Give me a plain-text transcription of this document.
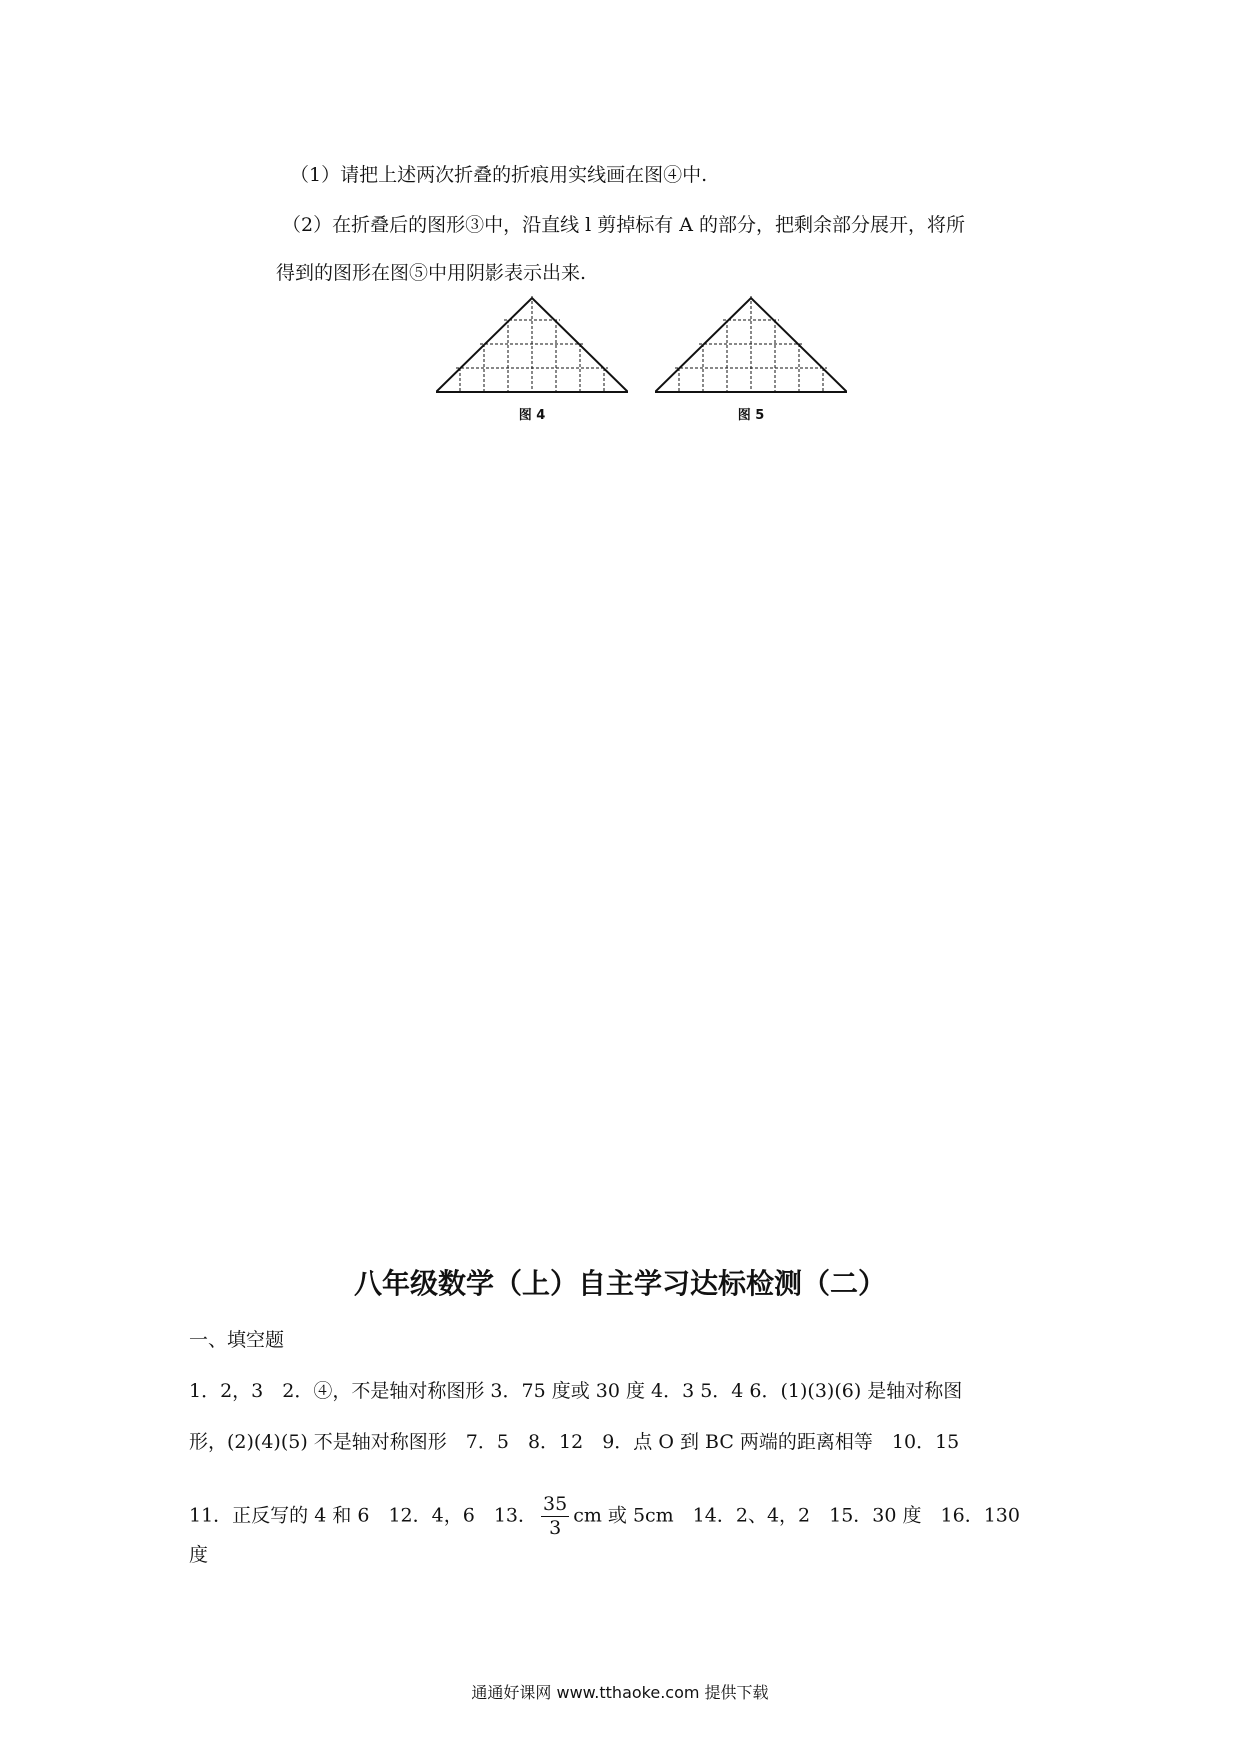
（1）请把上述两次折叠的折痕用实线画在图④中.
（2）在折叠后的图形③中，沿直线 l 剪掉标有 A 的部分，把剩余部分展开，将所
得到的图形在图⑤中用阴影表示出来.
图 4	图 5
八年级数学（上）自主学习达标检测（二）
一、填空题
1．2，3　2．④，不是轴对称图形 3．75 度或 30 度 4．3 5．4 6．(1)(3)(6) 是轴对称图
形，(2)(4)(5) 不是轴对称图形　7．5　8．12　9．点 O 到 BC 两端的距离相等　10．15
11．正反写的 4 和 6　12．4，6　13． $\frac{35}{3}$ cm 或 5cm　14．2、4，2　15．30 度　16．130
度
通通好课网 www.tthaoke.com 提供下载
